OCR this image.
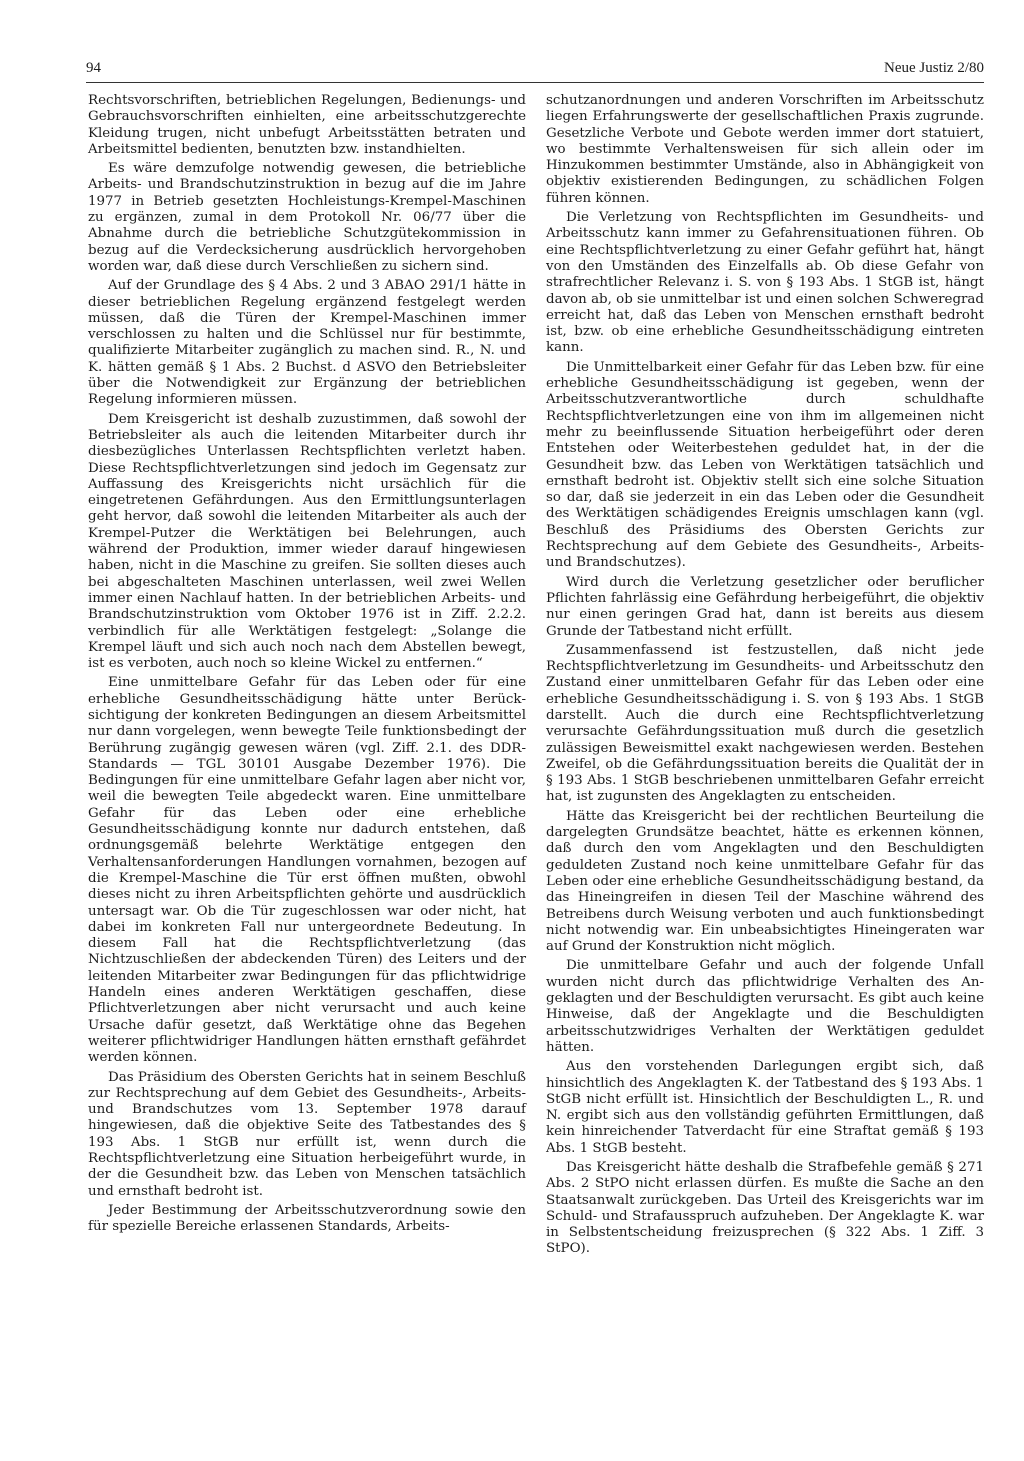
94	Neue Justiz 2/80

Rechtsvorschriften, betrieblichen Regelungen, Bedienungs- und Gebrauchsvorschriften einhielten, eine arbeitsschutzgerechte Kleidung trugen, nicht unbefugt Arbeitsstätten betraten und Arbeitsmittel bedienten, benutzten bzw. instandhielten.

Es wäre demzufolge notwendig gewesen, die betriebliche Arbeits- und Brandschutzinstruktion in bezug auf die im Jahre 1977 in Betrieb gesetzten Hochleistungs-Krempel-Maschinen zu ergänzen, zumal in dem Protokoll Nr. 06/77 über die Abnahme durch die betriebliche Schutzgütekommission in bezug auf die Verdecksicherung ausdrücklich hervorgehoben worden war, daß diese durch Verschließen zu sichern sind.

Auf der Grundlage des § 4 Abs. 2 und 3 ABAO 291/1 hätte in dieser betrieblichen Regelung ergänzend festgelegt werden müssen, daß die Türen der Krempel-Maschinen immer verschlossen zu halten und die Schlüssel nur für bestimmte, qualifizierte Mitarbeiter zugänglich zu machen sind. R., N. und K. hätten gemäß § 1 Abs. 2 Buchst. d ASVO den Betriebsleiter über die Notwendigkeit zur Ergänzung der betrieblichen Regelung informieren müssen.

Dem Kreisgericht ist deshalb zuzustimmen, daß sowohl der Betriebsleiter als auch die leitenden Mitarbeiter durch ihr diesbezügliches Unterlassen Rechtspflichten verletzt haben. Diese Rechtspflichtverletzungen sind jedoch im Gegensatz zur Auffassung des Kreisgerichts nicht ursächlich für die eingetretenen Gefährdungen. Aus den Ermittlungsunterlagen geht hervor, daß sowohl die leitenden Mitarbeiter als auch der Krempel-Putzer die Werktätigen bei Belehrungen, auch während der Produktion, immer wieder darauf hingewiesen haben, nicht in die Maschine zu greifen. Sie sollten dieses auch bei abgeschalteten Maschinen unterlassen, weil zwei Wellen immer einen Nachlauf hatten. In der betrieblichen Arbeits- und Brandschutzinstruktion vom Oktober 1976 ist in Ziff. 2.2.2. verbindlich für alle Werktätigen festgelegt: „Solange die Krempel läuft und sich auch noch nach dem Abstellen bewegt, ist es verboten, auch noch so kleine Wickel zu entfernen.“

Eine unmittelbare Gefahr für das Leben oder für eine erhebliche Gesundheitsschädigung hätte unter Berücksichtigung der konkreten Bedingungen an diesem Arbeitsmittel nur dann vorgelegen, wenn bewegte Teile funktionsbedingt der Berührung zugängig gewesen wären (vgl. Ziff. 2.1. des DDR-Standards — TGL 30101 Ausgabe Dezember 1976). Die Bedingungen für eine unmittelbare Gefahr lagen aber nicht vor, weil die bewegten Teile abgedeckt waren. Eine unmittelbare Gefahr für das Leben oder eine erhebliche Gesundheitsschädigung konnte nur dadurch entstehen, daß ordnungsgemäß belehrte Werktätige entgegen den Verhaltensanforderungen Handlungen vornahmen, bezogen auf die Krempel-Maschine die Tür erst öffnen mußten, obwohl dieses nicht zu ihren Arbeitspflichten gehörte und ausdrücklich untersagt war. Ob die Tür zugeschlossen war oder nicht, hat dabei im konkreten Fall nur untergeordnete Bedeutung. In diesem Fall hat die Rechtspflichtverletzung (das Nichtzuschließen der abdeckenden Türen) des Leiters und der leitenden Mitarbeiter zwar Bedingungen für das pflichtwidrige Handeln eines anderen Werktätigen geschaffen, diese Pflichtverletzungen aber nicht verursacht und auch keine Ursache dafür gesetzt, daß Werktätige ohne das Begehen weiterer pflichtwidriger Handlungen hätten ernsthaft gefährdet werden können.

Das Präsidium des Obersten Gerichts hat in seinem Beschluß zur Rechtsprechung auf dem Gebiet des Gesundheits-, Arbeits- und Brandschutzes vom 13. September 1978 darauf hingewiesen, daß die objektive Seite des Tatbestandes des § 193 Abs. 1 StGB nur erfüllt ist, wenn durch die Rechtspflichtverletzung eine Situation herbeigeführt wurde, in der die Gesundheit bzw. das Leben von Menschen tatsächlich und ernsthaft bedroht ist.

Jeder Bestimmung der Arbeitsschutzverordnung sowie den für spezielle Bereiche erlassenen Standards, Arbeits-

schutzanordnungen und anderen Vorschriften im Arbeitsschutz liegen Erfahrungswerte der gesellschaftlichen Praxis zugrunde. Gesetzliche Verbote und Gebote werden immer dort statuiert, wo bestimmte Verhaltensweisen für sich allein oder im Hinzukommen bestimmter Umstände, also in Abhängigkeit von objektiv existierenden Bedingungen, zu schädlichen Folgen führen können.

Die Verletzung von Rechtspflichten im Gesundheits- und Arbeitsschutz kann immer zu Gefahrensituationen führen. Ob eine Rechtspflichtverletzung zu einer Gefahr geführt hat, hängt von den Umständen des Einzelfalls ab. Ob diese Gefahr von strafrechtlicher Relevanz i. S. von § 193 Abs. 1 StGB ist, hängt davon ab, ob sie unmittelbar ist und einen solchen Schweregrad erreicht hat, daß das Leben von Menschen ernsthaft bedroht ist, bzw. ob eine erhebliche Gesundheitsschädigung eintreten kann.

Die Unmittelbarkeit einer Gefahr für das Leben bzw. für eine erhebliche Gesundheitsschädigung ist gegeben, wenn der Arbeitsschutzverantwortliche durch schuldhafte Rechtspflichtverletzungen eine von ihm im allgemeinen nicht mehr zu beeinflussende Situation herbeigeführt oder deren Entstehen oder Weiterbestehen geduldet hat, in der die Gesundheit bzw. das Leben von Werktätigen tatsächlich und ernsthaft bedroht ist. Objektiv stellt sich eine solche Situation so dar, daß sie jederzeit in ein das Leben oder die Gesundheit des Werktätigen schädigendes Ereignis umschlagen kann (vgl. Beschluß des Präsidiums des Obersten Gerichts zur Rechtsprechung auf dem Gebiete des Gesundheits-, Arbeits- und Brandschutzes).

Wird durch die Verletzung gesetzlicher oder beruflicher Pflichten fahrlässig eine Gefährdung herbeigeführt, die objektiv nur einen geringen Grad hat, dann ist bereits aus diesem Grunde der Tatbestand nicht erfüllt.

Zusammenfassend ist festzustellen, daß nicht jede Rechtspflichtverletzung im Gesundheits- und Arbeitsschutz den Zustand einer unmittelbaren Gefahr für das Leben oder eine erhebliche Gesundheitsschädigung i. S. von § 193 Abs. 1 StGB darstellt. Auch die durch eine Rechtspflichtverletzung verursachte Gefährdungssituation muß durch die gesetzlich zulässigen Beweismittel exakt nachgewiesen werden. Bestehen Zweifel, ob die Gefährdungssituation bereits die Qualität der in § 193 Abs. 1 StGB beschriebenen unmittelbaren Gefahr erreicht hat, ist zugunsten des Angeklagten zu entscheiden.

Hätte das Kreisgericht bei der rechtlichen Beurteilung die dargelegten Grundsätze beachtet, hätte es erkennen können, daß durch den vom Angeklagten und den Beschuldigten geduldeten Zustand noch keine unmittelbare Gefahr für das Leben oder eine erhebliche Gesundheitsschädigung bestand, da das Hineingreifen in diesen Teil der Maschine während des Betreibens durch Weisung verboten und auch funktionsbedingt nicht notwendig war. Ein unbeabsichtigtes Hineingeraten war auf Grund der Konstruktion nicht möglich.

Die unmittelbare Gefahr und auch der folgende Unfall wurden nicht durch das pflichtwidrige Verhalten des Angeklagten und der Beschuldigten verursacht. Es gibt auch keine Hinweise, daß der Angeklagte und die Beschuldigten arbeitsschutzwidriges Verhalten der Werktätigen geduldet hätten.

Aus den vorstehenden Darlegungen ergibt sich, daß hinsichtlich des Angeklagten K. der Tatbestand des § 193 Abs. 1 StGB nicht erfüllt ist. Hinsichtlich der Beschuldigten L., R. und N. ergibt sich aus den vollständig geführten Ermittlungen, daß kein hinreichender Tatverdacht für eine Straftat gemäß § 193 Abs. 1 StGB besteht.

Das Kreisgericht hätte deshalb die Strafbefehle gemäß § 271 Abs. 2 StPO nicht erlassen dürfen. Es mußte die Sache an den Staatsanwalt zurückgeben. Das Urteil des Kreisgerichts war im Schuld- und Strafausspruch aufzuheben. Der Angeklagte K. war in Selbstentscheidung freizusprechen (§ 322 Abs. 1 Ziff. 3 StPO).
